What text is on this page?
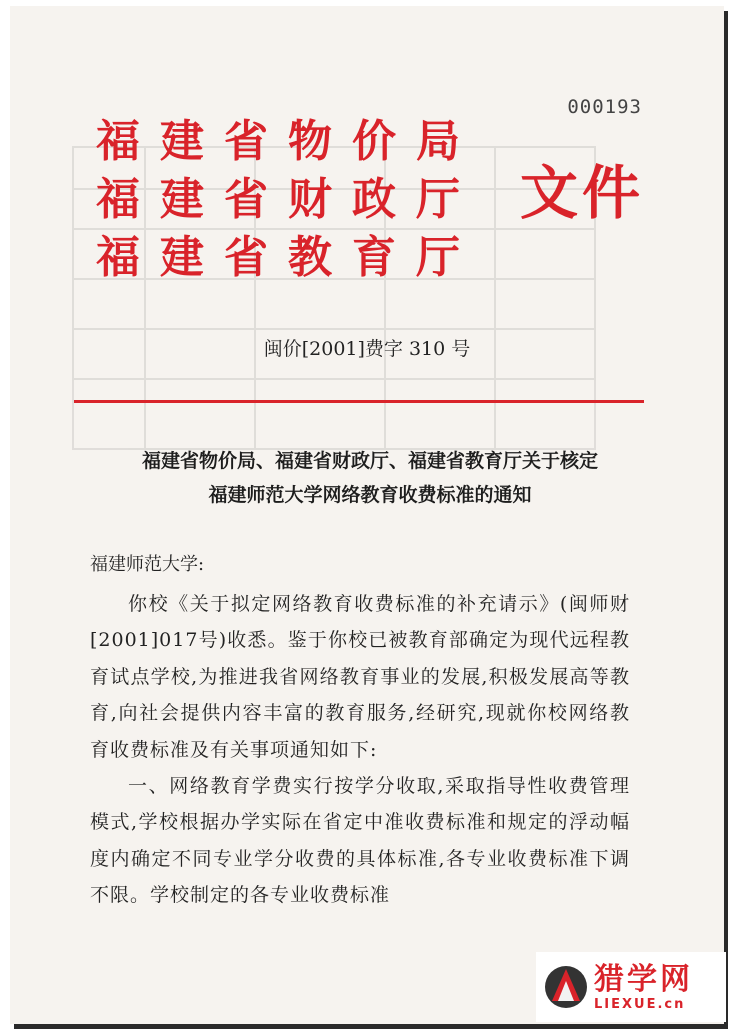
000193
福建省物价局
福建省财政厅
福建省教育厅
文件
闽价[2001]费字 310 号
福建省物价局、福建省财政厅、福建省教育厅关于核定
福建师范大学网络教育收费标准的通知
福建师范大学:

你校《关于拟定网络教育收费标准的补充请示》(闽师财[2001]017号)收悉。鉴于你校已被教育部确定为现代远程教育试点学校,为推进我省网络教育事业的发展,积极发展高等教育,向社会提供内容丰富的教育服务,经研究,现就你校网络教育收费标准及有关事项通知如下:

一、网络教育学费实行按学分收取,采取指导性收费管理模式,学校根据办学实际在省定中准收费标准和规定的浮动幅度内确定不同专业学分收费的具体标准,各专业收费标准下调不限。学校制定的各专业收费标准

猎学网
LIEXUE.cn
